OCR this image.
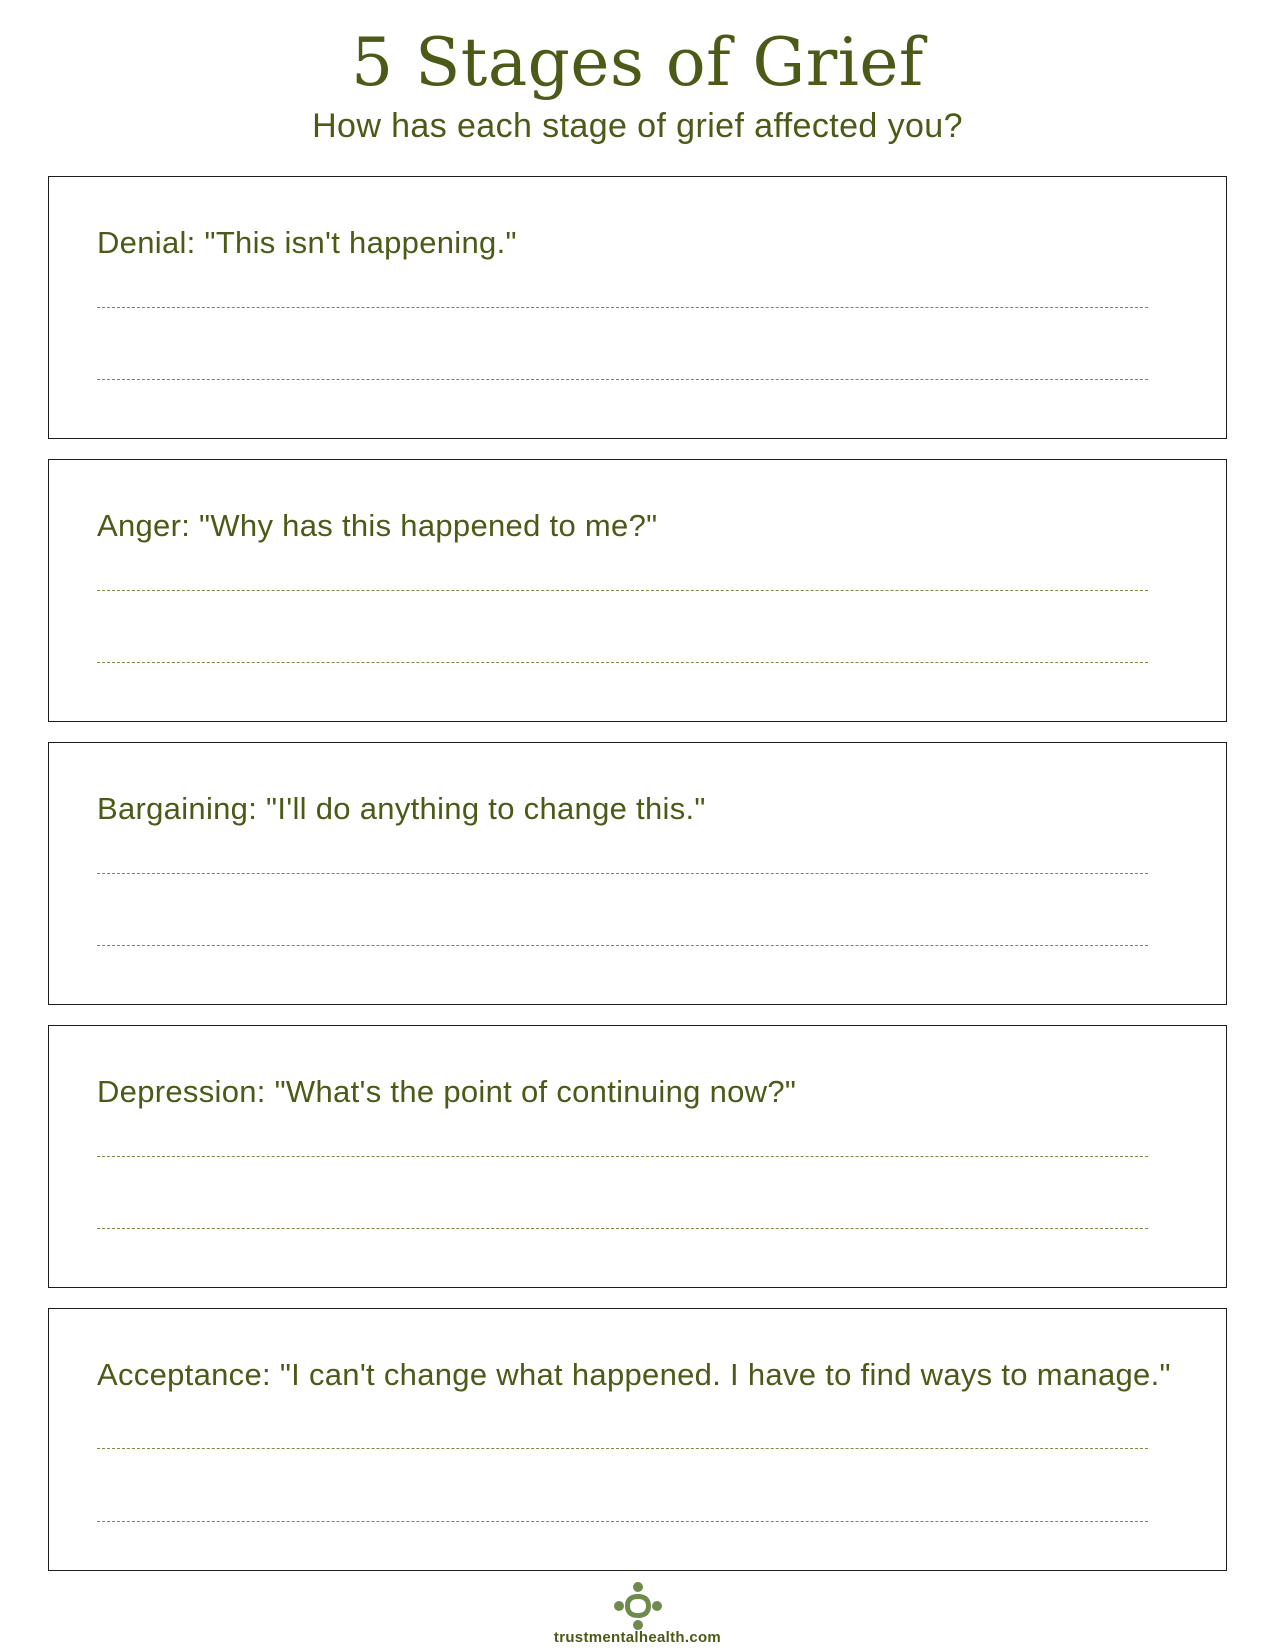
5 Stages of Grief
How has each stage of grief affected you?
Denial: "This isn't happening."
Anger: "Why has this happened to me?"
Bargaining: "I'll do anything to change this."
Depression: "What's the point of continuing now?"
Acceptance: "I can't change what happened. I have to find ways to manage."
trustmentalhealth.com
